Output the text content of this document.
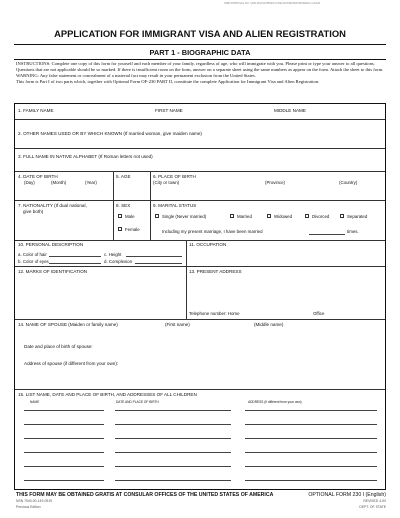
OMB APPROVAL NO. 1405-0015 EXPIRES 6/1/92 ESTIMATED BURDEN 1 HOUR
APPLICATION FOR IMMIGRANT VISA AND ALIEN REGISTRATION
PART 1 - BIOGRAPHIC DATA

INSTRUCTIONS: Complete one copy of this form for yourself and each member of your family, regardless of age, who will immigrate with you. Please print or type your answer to all questions. Questions that are not applicable should be so marked. If there is insufficient room on the form, answer on a separate sheet using the same numbers as appear on the form. Attach the sheet to this form.

WARNING: Any false statement or concealment of a material fact may result in your permanent exclusion from the United States.

This form is Part I of two parts which, together with Optional Form OF-230 PART II, constitute the complete Application for Immigrant Visa and Alien Registration.

1. FAMILY NAME	FIRST NAME	MIDDLE NAME
2. OTHER NAMES USED OR BY WHICH KNOWN (If married woman, give maiden name)
3. FULL NAME IN NATIVE ALPHABET (If Roman letters not used)
4. DATE OF BIRTH
(Day)	(Month)	(Year)
5. AGE	6. PLACE OF BIRTH
(City or town)	(Province)	(Country)
7. NATIONALITY (If dual national,
give both)
8. SEX
Male
Female
9. MARITAL STATUS
Single (Never married)	Married	Widowed	Divorced	Separated
Including my present marriage, I have been married	times.
10. PERSONAL DESCRIPTION
a. Color of hair	c. Height
b. Color of eyes	d. Complexion
11. OCCUPATION
12. MARKS OF IDENTIFICATION	13. PRESENT ADDRESS
Telephone number: Home	Office
14. NAME OF SPOUSE (Maiden or family name)	(First name)	(Middle name)
Date and place of birth of spouse:
Address of spouse (if different from your own):
15. LIST NAME, DATE AND PLACE OF BIRTH, AND ADDRESSES OF ALL CHILDREN
NAME	DATE AND PLACE OF BIRTH	ADDRESS (If different from your own)
THIS FORM MAY BE OBTAINED GRATIS AT CONSULAR OFFICES OF THE UNITED STATES OF AMERICA	OPTIONAL FORM 230 I (English)
NSN 7540-00-149-0919	REVISED 4-90
Previous Edition	DEPT. OF STATE
